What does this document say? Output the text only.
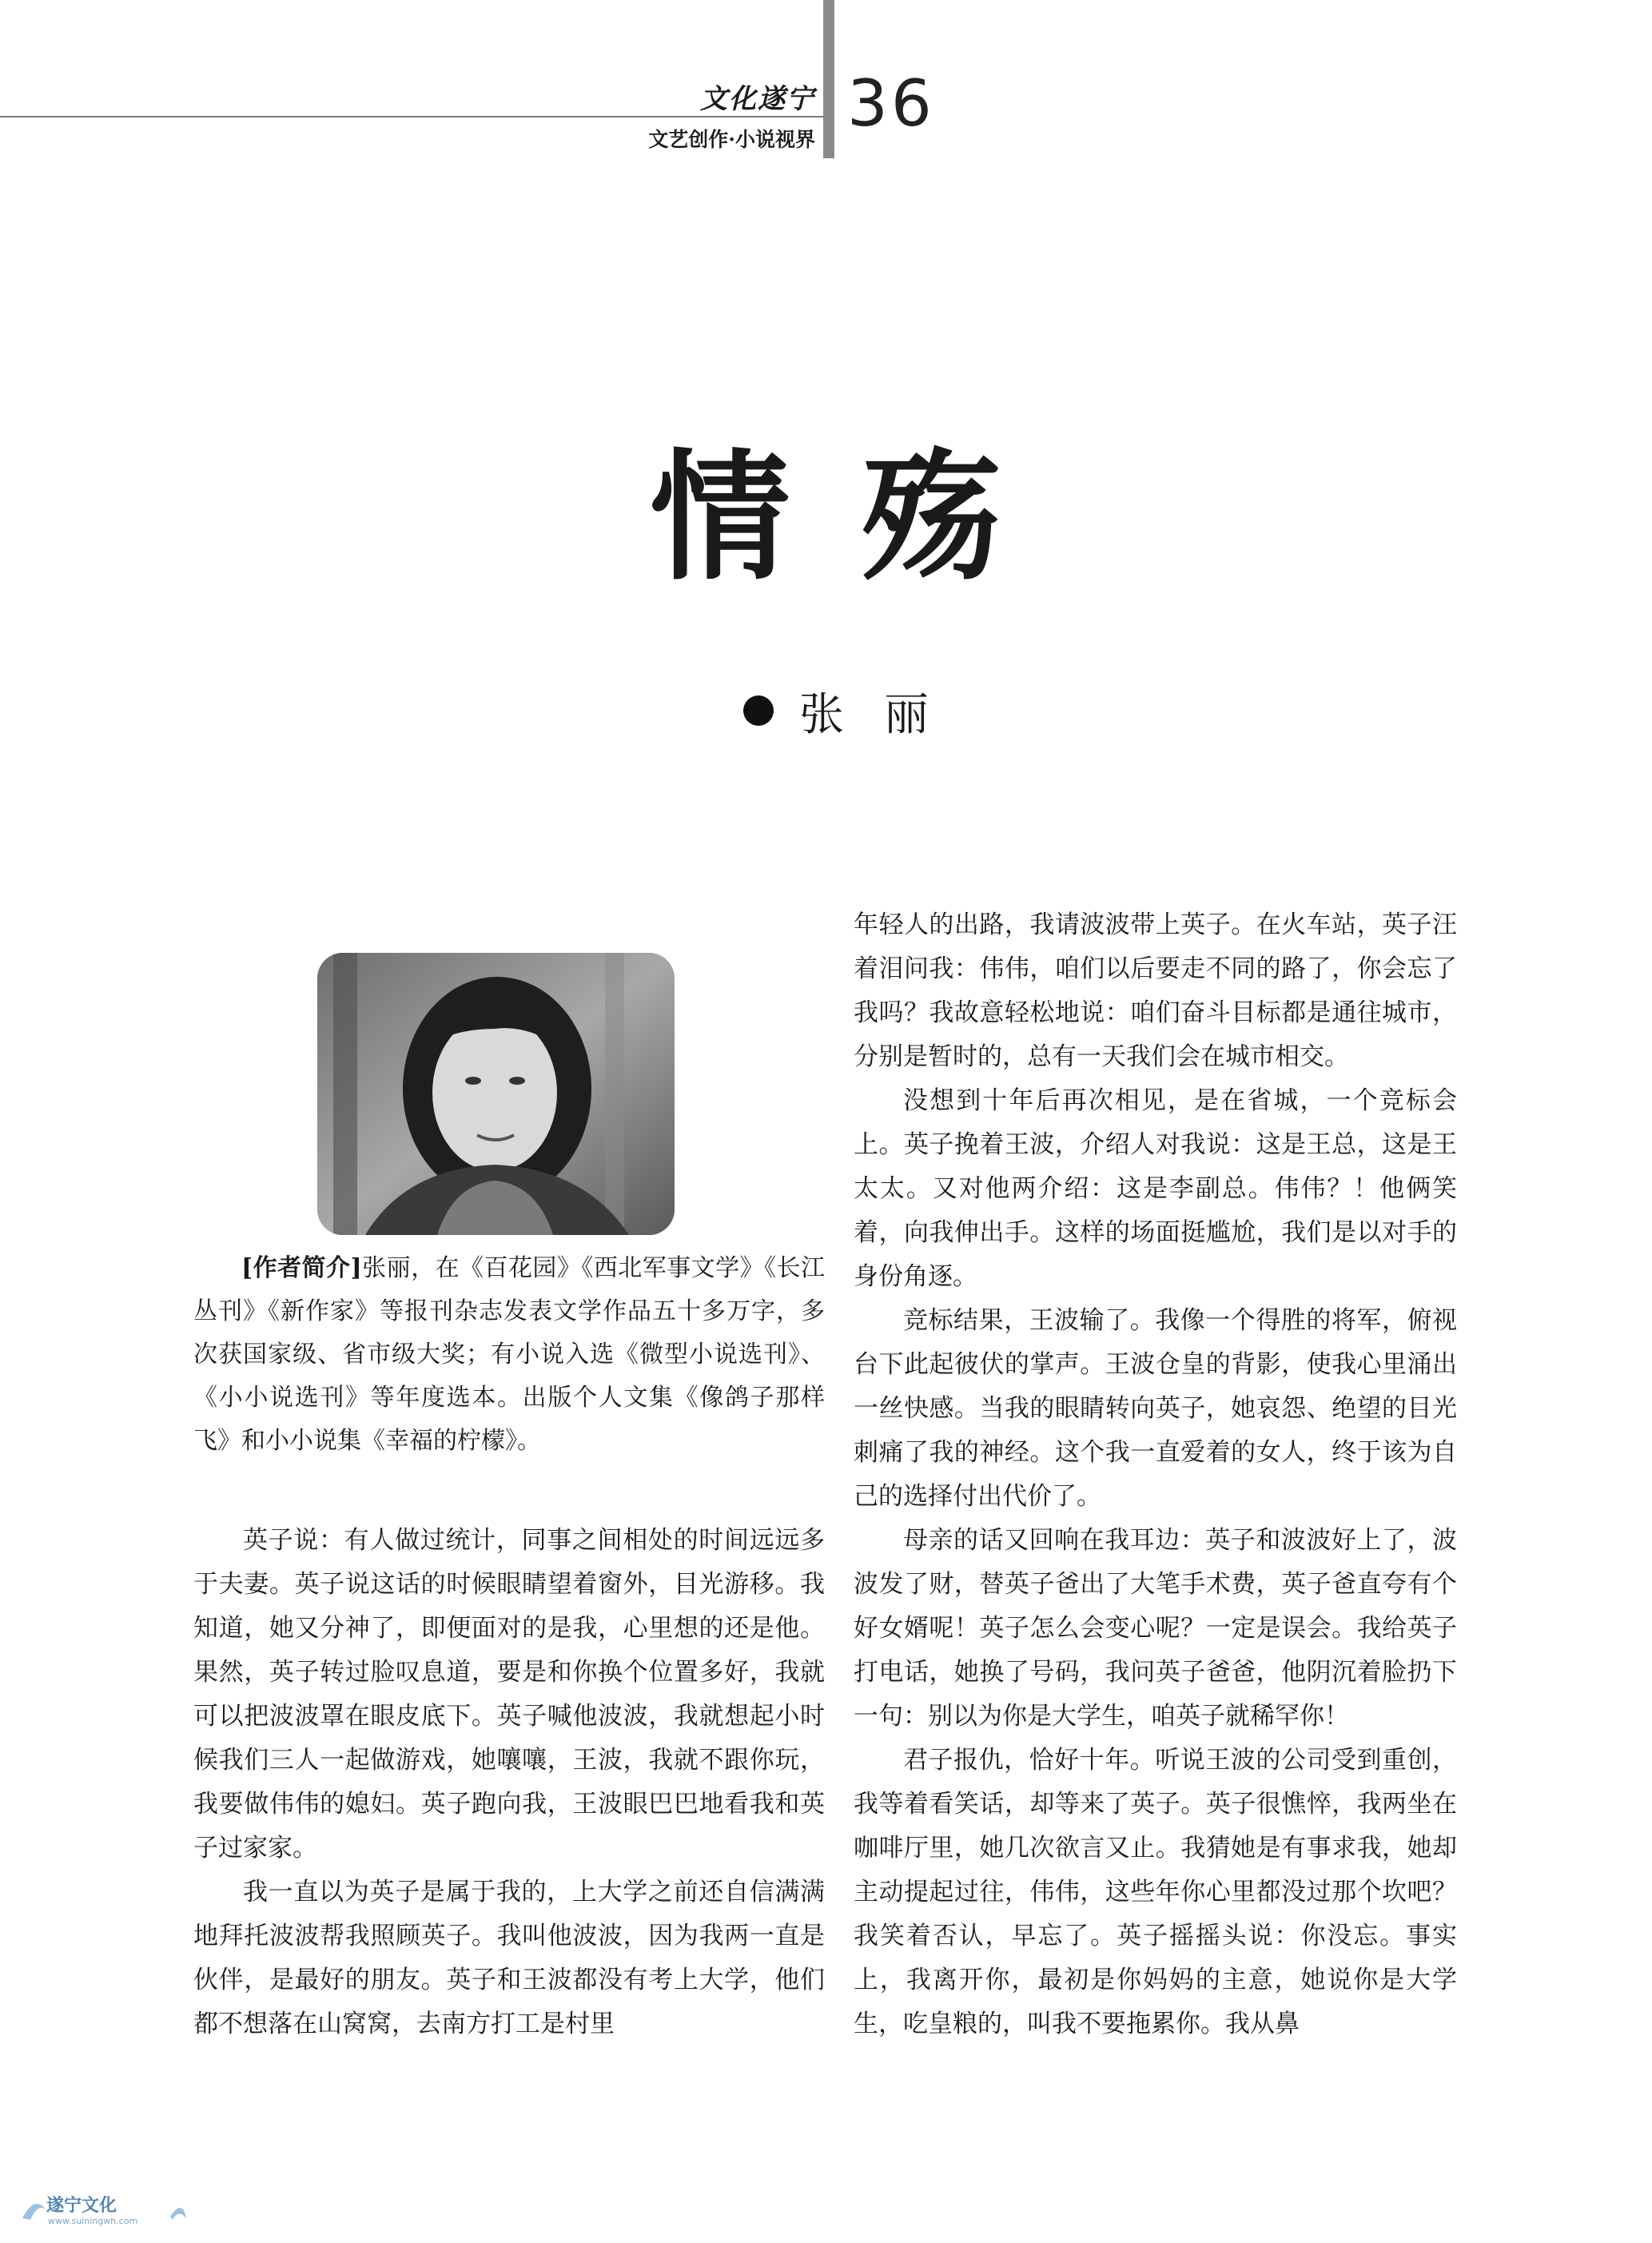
文化遂宁
文艺创作·小说视界 36
情殇
张丽

[作者简介]张丽，在《百花园》《西北军事文学》《长江丛刊》《新作家》等报刊杂志发表文学作品五十多万字，多次获国家级、省市级大奖；有小说入选《微型小说选刊》、《小小说选刊》等年度选本。出版个人文集《像鸽子那样飞》和小小说集《幸福的柠檬》。

英子说：有人做过统计，同事之间相处的时间远远多于夫妻。英子说这话的时候眼睛望着窗外，目光游移。我知道，她又分神了，即便面对的是我，心里想的还是他。果然，英子转过脸叹息道，要是和你换个位置多好，我就可以把波波罩在眼皮底下。英子喊他波波，我就想起小时候我们三人一起做游戏，她嚷嚷，王波，我就不跟你玩，我要做伟伟的媳妇。英子跑向我，王波眼巴巴地看我和英子过家家。

我一直以为英子是属于我的，上大学之前还自信满满地拜托波波帮我照顾英子。我叫他波波，因为我两一直是伙伴，是最好的朋友。英子和王波都没有考上大学，他们都不想落在山窝窝，去南方打工是村里

年轻人的出路，我请波波带上英子。在火车站，英子汪着泪问我：伟伟，咱们以后要走不同的路了，你会忘了我吗？我故意轻松地说：咱们奋斗目标都是通往城市，分别是暂时的，总有一天我们会在城市相交。

没想到十年后再次相见，是在省城，一个竞标会上。英子挽着王波，介绍人对我说：这是王总，这是王太太。又对他两介绍：这是李副总。伟伟？！他俩笑着，向我伸出手。这样的场面挺尴尬，我们是以对手的身份角逐。

竞标结果，王波输了。我像一个得胜的将军，俯视台下此起彼伏的掌声。王波仓皇的背影，使我心里涌出一丝快感。当我的眼睛转向英子，她哀怨、绝望的目光刺痛了我的神经。这个我一直爱着的女人，终于该为自己的选择付出代价了。

母亲的话又回响在我耳边：英子和波波好上了，波波发了财，替英子爸出了大笔手术费，英子爸直夸有个好女婿呢！英子怎么会变心呢？一定是误会。我给英子打电话，她换了号码，我问英子爸爸，他阴沉着脸扔下一句：别以为你是大学生，咱英子就稀罕你！

君子报仇，恰好十年。听说王波的公司受到重创，我等着看笑话，却等来了英子。英子很憔悴，我两坐在咖啡厅里，她几次欲言又止。我猜她是有事求我，她却主动提起过往，伟伟，这些年你心里都没过那个坎吧？我笑着否认，早忘了。英子摇摇头说：你没忘。事实上，我离开你，最初是你妈妈的主意，她说你是大学生，吃皇粮的，叫我不要拖累你。我从鼻

遂宁文化
www.suiningwh.com
